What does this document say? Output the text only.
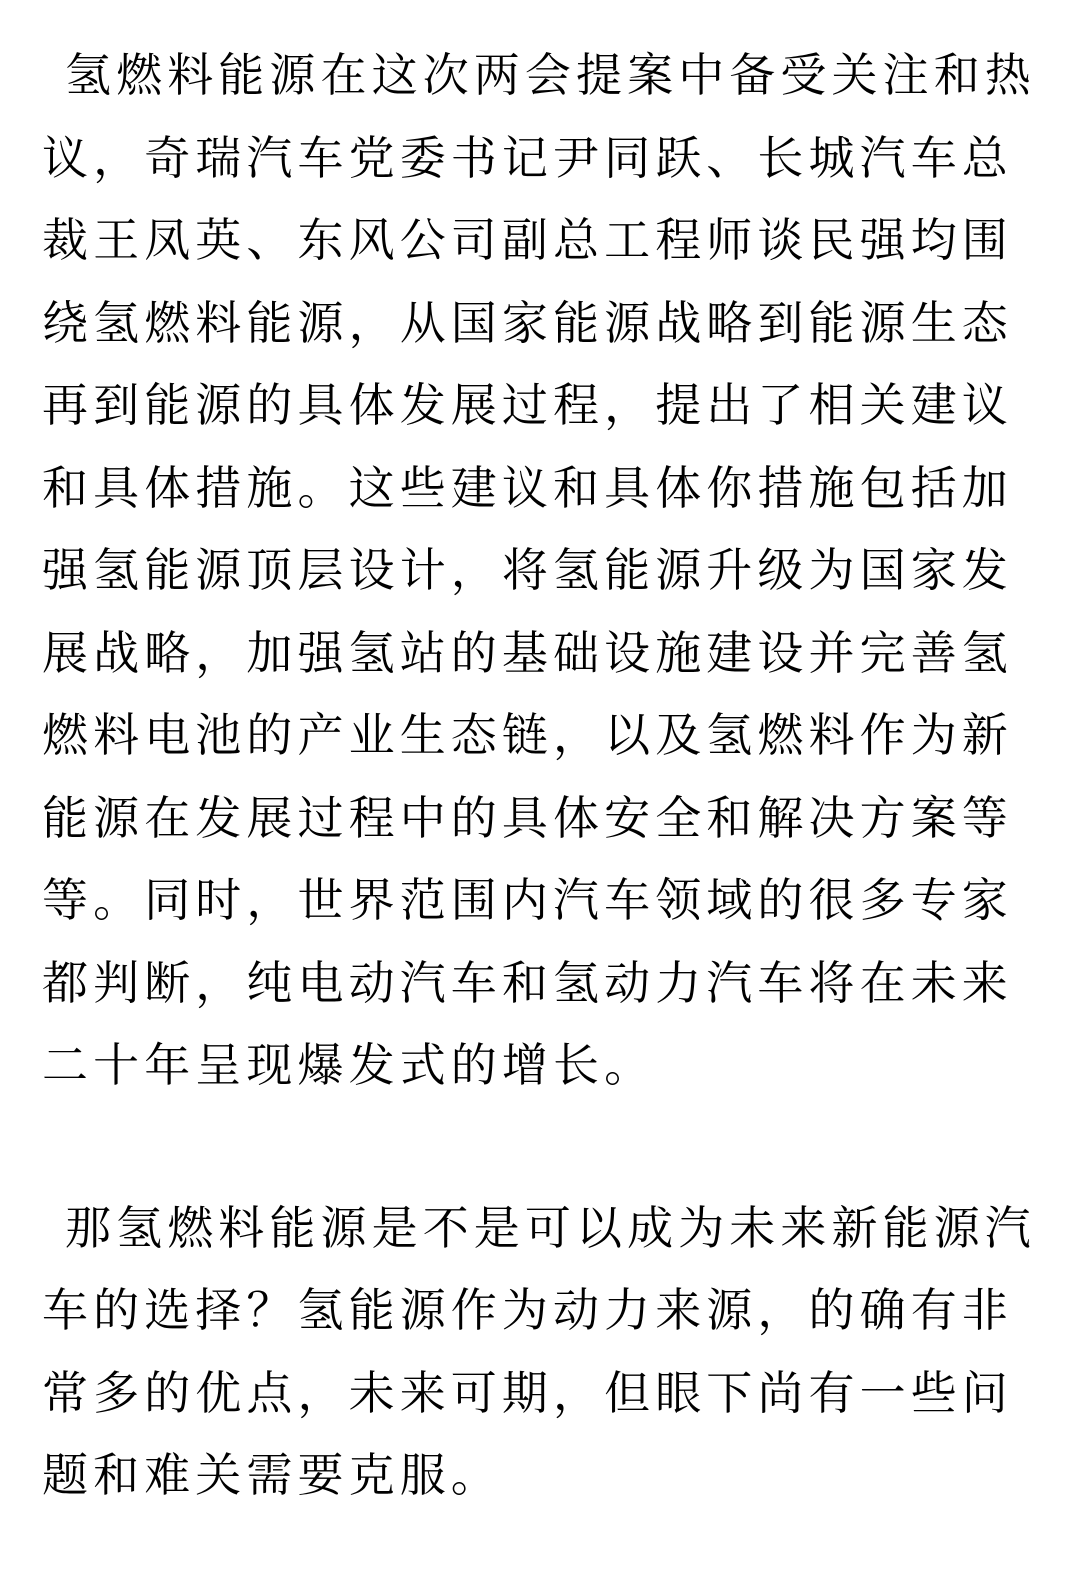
氢燃料能源在这次两会提案中备受关注和热议，奇瑞汽车党委书记尹同跃、长城汽车总裁王凤英、东风公司副总工程师谈民强均围绕氢燃料能源，从国家能源战略到能源生态再到能源的具体发展过程，提出了相关建议和具体措施。这些建议和具体你措施包括加强氢能源顶层设计，将氢能源升级为国家发展战略，加强氢站的基础设施建设并完善氢燃料电池的产业生态链，以及氢燃料作为新能源在发展过程中的具体安全和解决方案等等。同时，世界范围内汽车领域的很多专家都判断，纯电动汽车和氢动力汽车将在未来二十年呈现爆发式的增长。

那氢燃料能源是不是可以成为未来新能源汽车的选择？氢能源作为动力来源，的确有非常多的优点，未来可期，但眼下尚有一些问题和难关需要克服。
